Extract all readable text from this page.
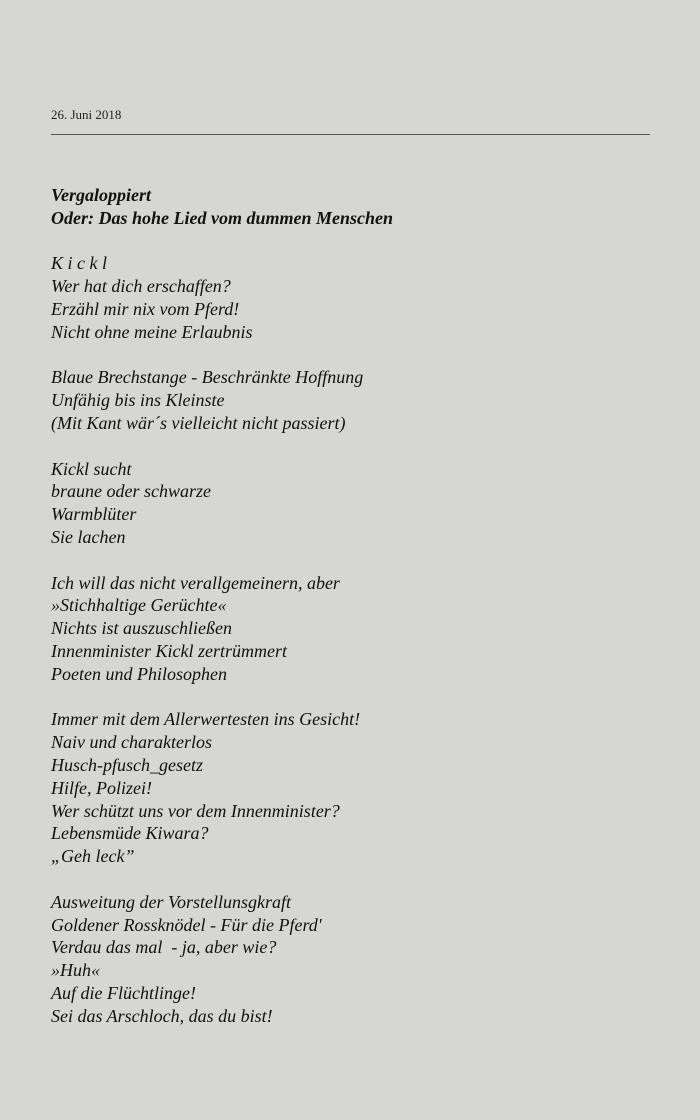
26. Juni 2018
Vergaloppiert
Oder: Das hohe Lied vom dummen Menschen
K i c k l
Wer hat dich erschaffen?
Erzähl mir nix vom Pferd!
Nicht ohne meine Erlaubnis
Blaue Brechstange - Beschränkte Hoffnung
Unfähig bis ins Kleinste
(Mit Kant wär´s vielleicht nicht passiert)
Kickl sucht
braune oder schwarze
Warmblüter
Sie lachen
Ich will das nicht verallgemeinern, aber
»Stichhaltige Gerüchte«
Nichts ist auszuschließen
Innenminister Kickl zertrümmert
Poeten und Philosophen
Immer mit dem Allerwertesten ins Gesicht!
Naiv und charakterlos
Husch-pfusch_gesetz
Hilfe, Polizei!
Wer schützt uns vor dem Innenminister?
Lebensmüde Kiwara?
„Geh leck”
Ausweitung der Vorstellunsgkraft
Goldener Rossknödel - Für die Pferd'
Verdau das mal  - ja, aber wie?
»Huh«
Auf die Flüchtlinge!
Sei das Arschloch, das du bist!
